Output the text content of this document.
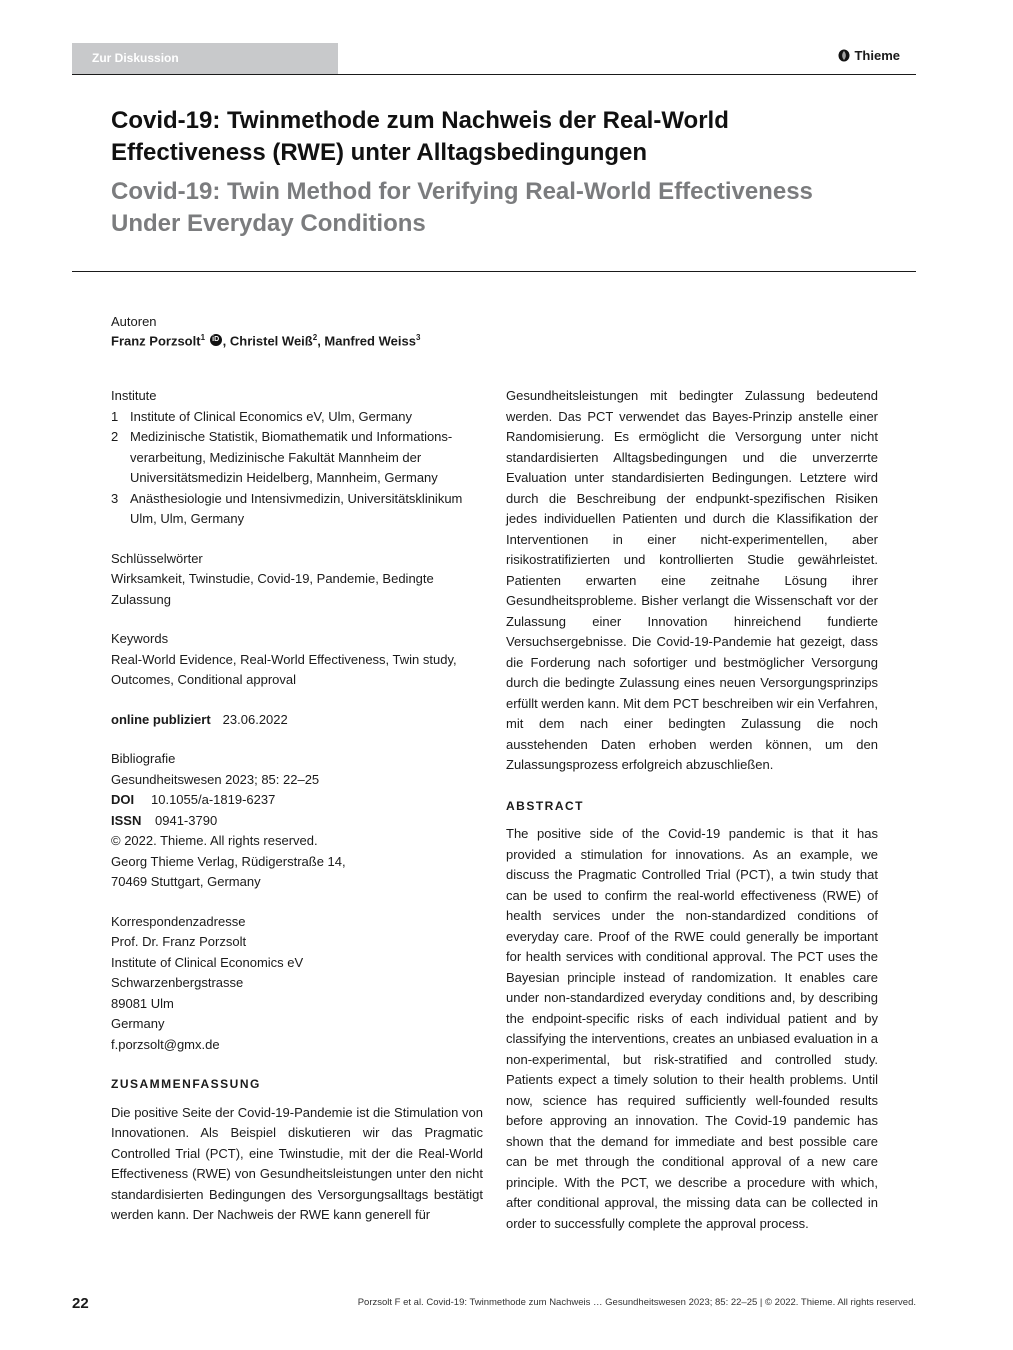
Zur Diskussion	Thieme
Covid-19: Twinmethode zum Nachweis der Real-World Effectiveness (RWE) unter Alltagsbedingungen
Covid-19: Twin Method for Verifying Real-World Effectiveness Under Everyday Conditions
Autoren
Franz Porzsolt$^1$ iD , Christel Weiß$^2$, Manfred Weiss$^3$
Institute
1 Institute of Clinical Economics eV, Ulm, Germany
2 Medizinische Statistik, Biomathematik und Informationsverarbeitung, Medizinische Fakultät Mannheim der Universitätsmedizin Heidelberg, Mannheim, Germany
3 Anästhesiologie und Intensivmedizin, Universitätsklinikum Ulm, Ulm, Germany
Schlüsselwörter
Wirksamkeit, Twinstudie, Covid-19, Pandemie, Bedingte Zulassung
Keywords
Real-World Evidence, Real-World Effectiveness, Twin study, Outcomes, Conditional approval
online publiziert 23.06.2022
Bibliografie
Gesundheitswesen 2023; 85: 22–25
DOI 10.1055/a-1819-6237
ISSN 0941-3790
© 2022. Thieme. All rights reserved.
Georg Thieme Verlag, Rüdigerstraße 14,
70469 Stuttgart, Germany
Korrespondenzadresse
Prof. Dr. Franz Porzsolt
Institute of Clinical Economics eV
Schwarzenbergstrasse
89081 Ulm
Germany
f.porzsolt@gmx.de
ZUSAMMENFASSUNG

Die positive Seite der Covid-19-Pandemie ist die Stimulation von Innovationen. Als Beispiel diskutieren wir das Pragmatic Controlled Trial (PCT), eine Twinstudie, mit der die Real-World Effectiveness (RWE) von Gesundheitsleistungen unter den nicht standardisierten Bedingungen des Versorgungsalltags bestätigt werden kann. Der Nachweis der RWE kann generell für

Gesundheitsleistungen mit bedingter Zulassung bedeutend werden. Das PCT verwendet das Bayes-Prinzip anstelle einer Randomisierung. Es ermöglicht die Versorgung unter nicht standardisierten Alltagsbedingungen und die unverzerrte Evaluation unter standardisierten Bedingungen. Letztere wird durch die Beschreibung der endpunkt-spezifischen Risiken jedes individuellen Patienten und durch die Klassifikation der Interventionen in einer nicht-experimentellen, aber risikostratifizierten und kontrollierten Studie gewährleistet. Patienten erwarten eine zeitnahe Lösung ihrer Gesundheitsprobleme. Bisher verlangt die Wissenschaft vor der Zulassung einer Innovation hinreichend fundierte Versuchsergebnisse. Die Covid-19-Pandemie hat gezeigt, dass die Forderung nach sofortiger und bestmöglicher Versorgung durch die bedingte Zulassung eines neuen Versorgungsprinzips erfüllt werden kann. Mit dem PCT beschreiben wir ein Verfahren, mit dem nach einer bedingten Zulassung die noch ausstehenden Daten erhoben werden können, um den Zulassungsprozess erfolgreich abzuschließen.

ABSTRACT

The positive side of the Covid-19 pandemic is that it has provided a stimulation for innovations. As an example, we discuss the Pragmatic Controlled Trial (PCT), a twin study that can be used to confirm the real-world effectiveness (RWE) of health services under the non-standardized conditions of everyday care. Proof of the RWE could generally be important for health services with conditional approval. The PCT uses the Bayesian principle instead of randomization. It enables care under non-standardized everyday conditions and, by describing the endpoint-specific risks of each individual patient and by classifying the interventions, creates an unbiased evaluation in a non-experimental, but risk-stratified and controlled study. Patients expect a timely solution to their health problems. Until now, science has required sufficiently well-founded results before approving an innovation. The Covid-19 pandemic has shown that the demand for immediate and best possible care can be met through the conditional approval of a new care principle. With the PCT, we describe a procedure with which, after conditional approval, the missing data can be collected in order to successfully complete the approval process.

22	Porzsolt F et al. Covid-19: Twinmethode zum Nachweis … Gesundheitswesen 2023; 85: 22–25 | © 2022. Thieme. All rights reserved.
